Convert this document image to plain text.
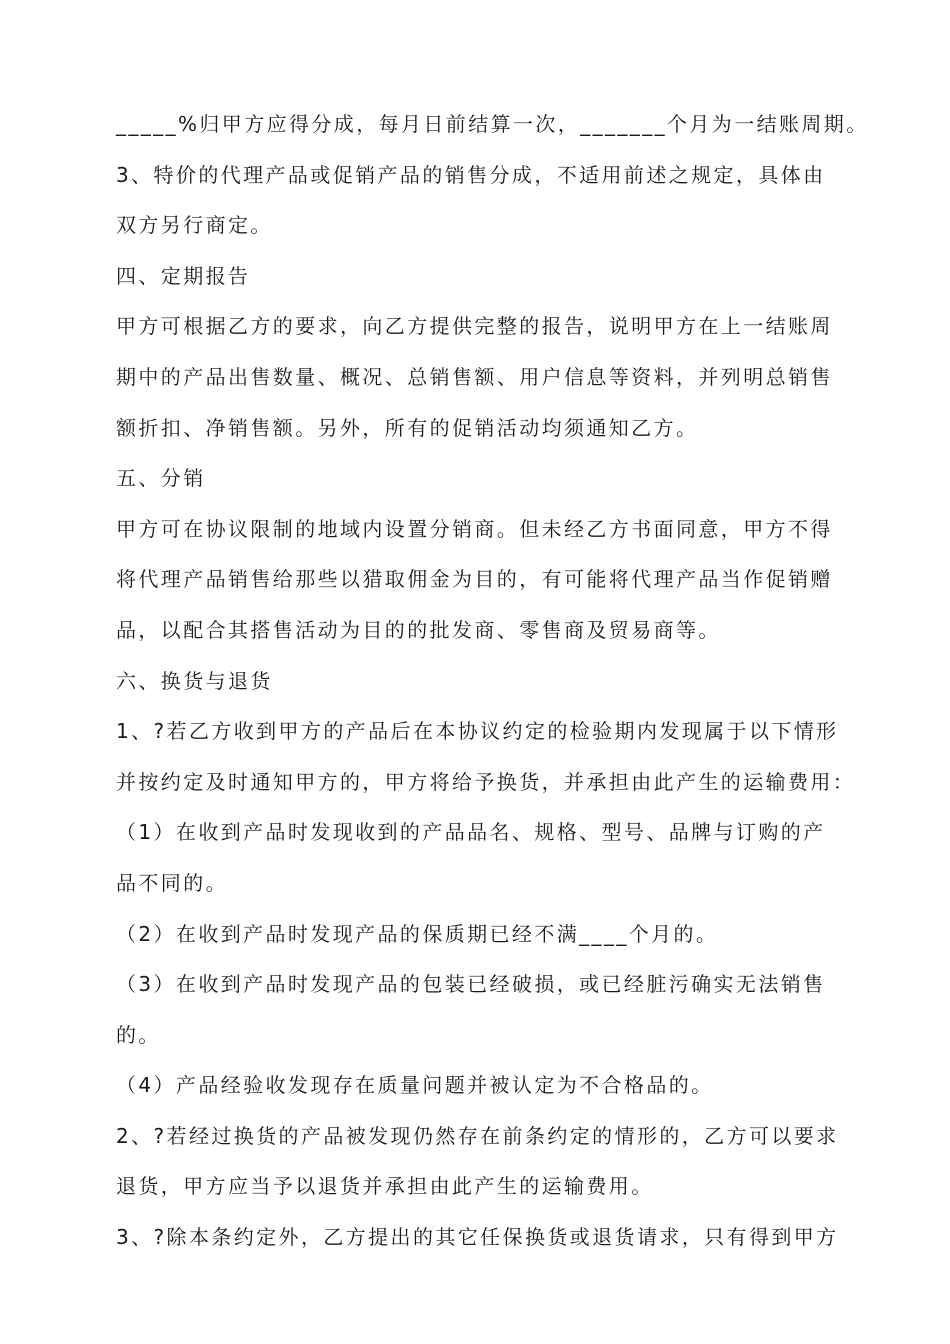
_____%归甲方应得分成，每月日前结算一次，_______个月为一结账周期。
3、特价的代理产品或促销产品的销售分成，不适用前述之规定，具体由
双方另行商定。
四、定期报告
甲方可根据乙方的要求，向乙方提供完整的报告，说明甲方在上一结账周
期中的产品出售数量、概况、总销售额、用户信息等资料，并列明总销售
额折扣、净销售额。另外，所有的促销活动均须通知乙方。
五、分销
甲方可在协议限制的地域内设置分销商。但未经乙方书面同意，甲方不得
将代理产品销售给那些以猎取佣金为目的，有可能将代理产品当作促销赠
品，以配合其搭售活动为目的的批发商、零售商及贸易商等。
六、换货与退货
1、?若乙方收到甲方的产品后在本协议约定的检验期内发现属于以下情形
并按约定及时通知甲方的，甲方将给予换货，并承担由此产生的运输费用：
（1）在收到产品时发现收到的产品品名、规格、型号、品牌与订购的产
品不同的。
（2）在收到产品时发现产品的保质期已经不满____个月的。
（3）在收到产品时发现产品的包装已经破损，或已经脏污确实无法销售
的。
（4）产品经验收发现存在质量问题并被认定为不合格品的。
2、?若经过换货的产品被发现仍然存在前条约定的情形的，乙方可以要求
退货，甲方应当予以退货并承担由此产生的运输费用。
3、?除本条约定外，乙方提出的其它任保换货或退货请求，只有得到甲方
